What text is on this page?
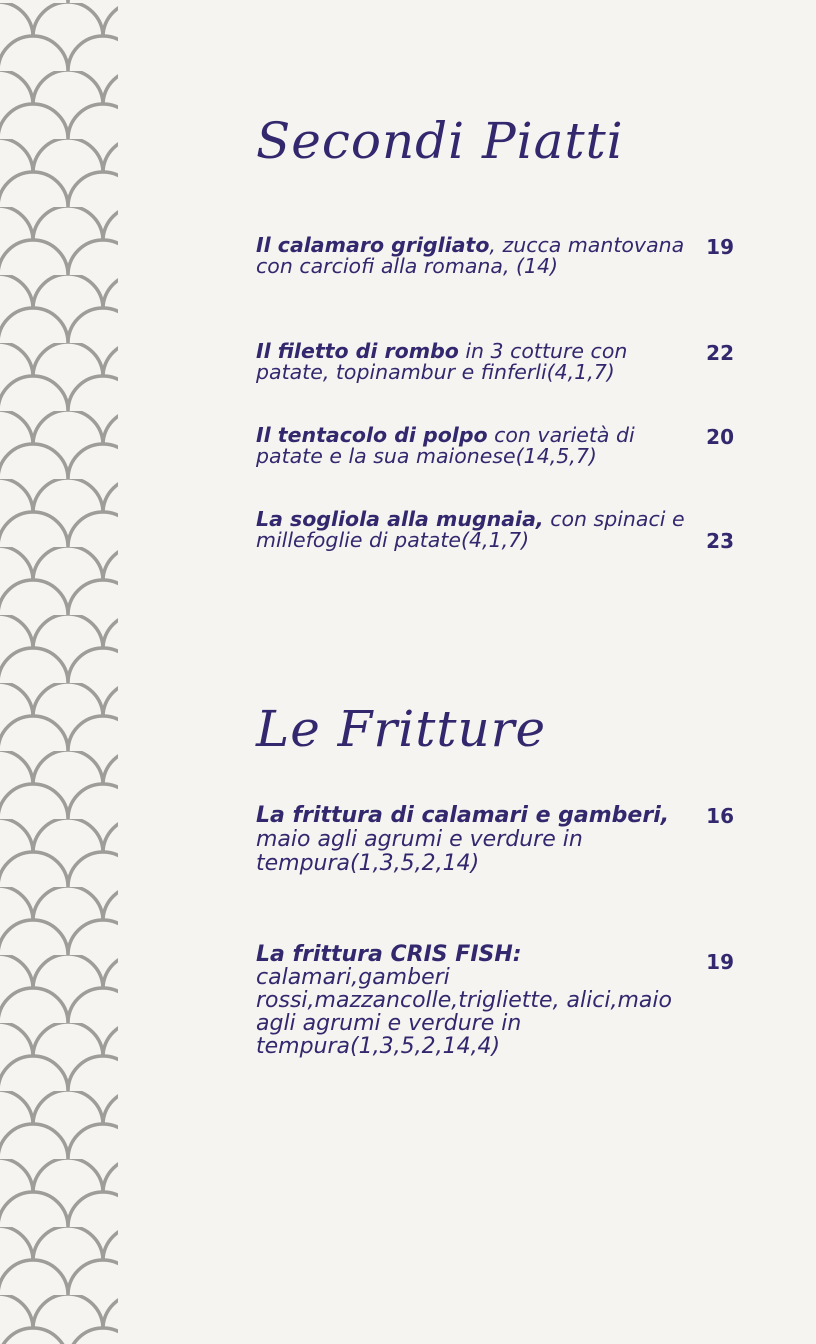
Secondi Piatti
Il calamaro grigliato, zucca mantovana con carciofi alla romana, (14)
19
Il filetto di rombo in 3 cotture con patate, topinambur e finferli(4,1,7)
22
Il tentacolo di polpo con varietà di patate e la sua maionese(14,5,7)
20
La sogliola alla mugnaia, con spinaci e millefoglie di patate(4,1,7)	23
Le Fritture
La frittura di calamari e gamberi, maio agli agrumi e verdure in tempura(1,3,5,2,14)
16
La frittura CRIS FISH: calamari,gamberi rossi,mazzancolle,trigliette, alici,maio agli agrumi e verdure in tempura(1,3,5,2,14,4)
19
